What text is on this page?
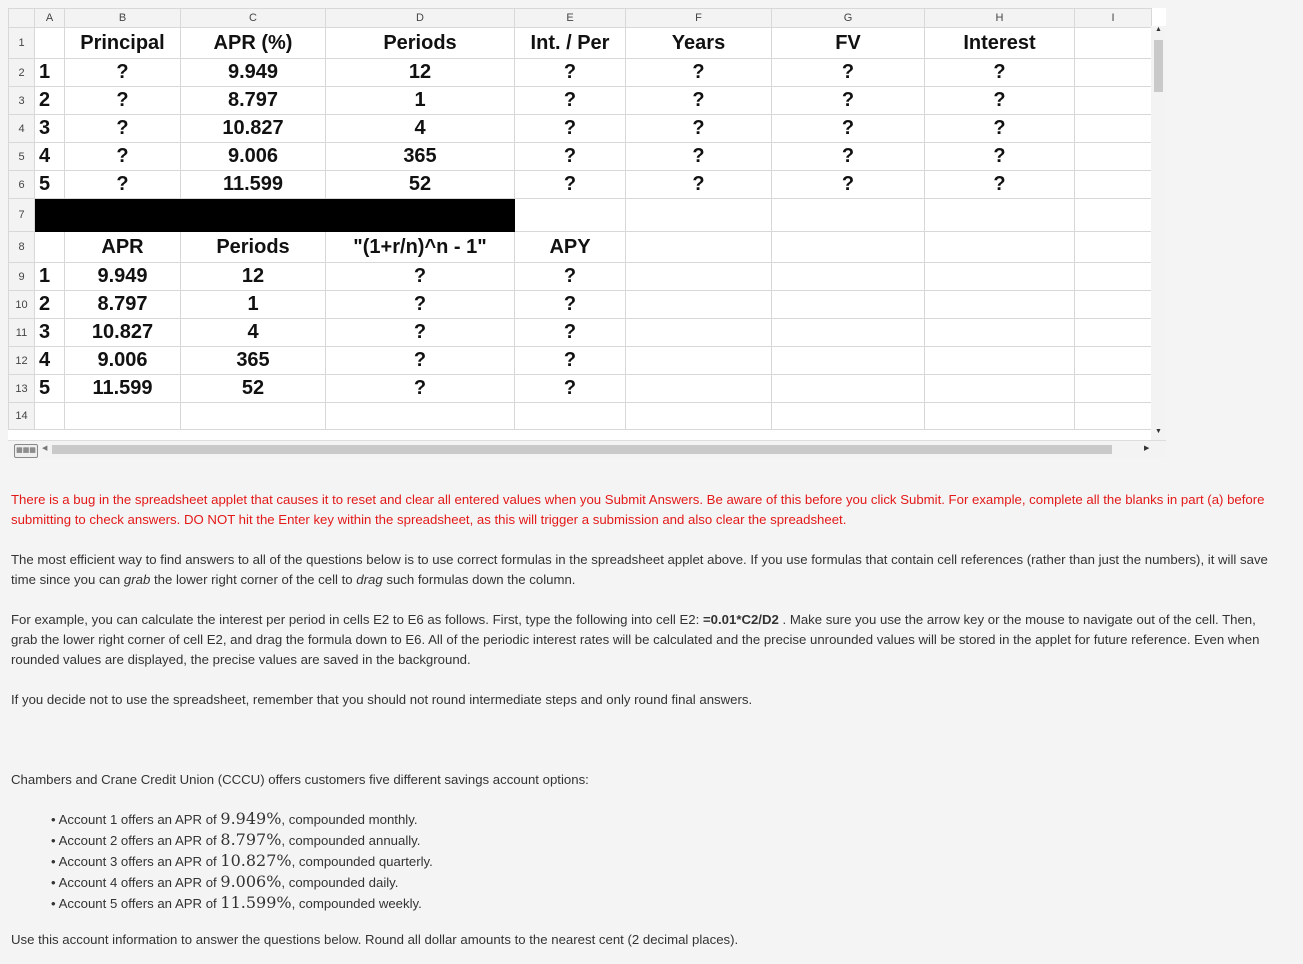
	A	B	C	D	E	F	G	H	I
1		Principal	APR (%)	Periods	Int. / Per	Years	FV	Interest	
2	1	?	9.949	12	?	?	?	?	
3	2	?	8.797	1	?	?	?	?	
4	3	?	10.827	4	?	?	?	?	
5	4	?	9.006	365	?	?	?	?	
6	5	?	11.599	52	?	?	?	?	
7									
8		APR	Periods	"(1+r/n)^n - 1"	APY				
9	1	9.949	12	?	?				
10	2	8.797	1	?	?				
11	3	10.827	4	?	?				
12	4	9.006	365	?	?				
13	5	11.599	52	?	?				
14									
▲
▼
▦▦▦ ◀	▶
There is a bug in the spreadsheet applet that causes it to reset and clear all entered values when you Submit Answers. Be aware of this before you click Submit. For example, complete all the blanks in part (a) before submitting to check answers. DO NOT hit the Enter key within the spreadsheet, as this will trigger a submission and also clear the spreadsheet.
The most efficient way to find answers to all of the questions below is to use correct formulas in the spreadsheet applet above. If you use formulas that contain cell references (rather than just the numbers), it will save time since you can grab the lower right corner of the cell to drag such formulas down the column.
For example, you can calculate the interest per period in cells E2 to E6 as follows. First, type the following into cell E2: =0.01*C2/D2 . Make sure you use the arrow key or the mouse to navigate out of the cell. Then, grab the lower right corner of cell E2, and drag the formula down to E6. All of the periodic interest rates will be calculated and the precise unrounded values will be stored in the applet for future reference. Even when rounded values are displayed, the precise values are saved in the background.
If you decide not to use the spreadsheet, remember that you should not round intermediate steps and only round final answers.
Chambers and Crane Credit Union (CCCU) offers customers five different savings account options:
• Account 1 offers an APR of 9.949%, compounded monthly.
• Account 2 offers an APR of 8.797%, compounded annually.
• Account 3 offers an APR of 10.827%, compounded quarterly.
• Account 4 offers an APR of 9.006%, compounded daily.
• Account 5 offers an APR of 11.599%, compounded weekly.
Use this account information to answer the questions below. Round all dollar amounts to the nearest cent (2 decimal places).
